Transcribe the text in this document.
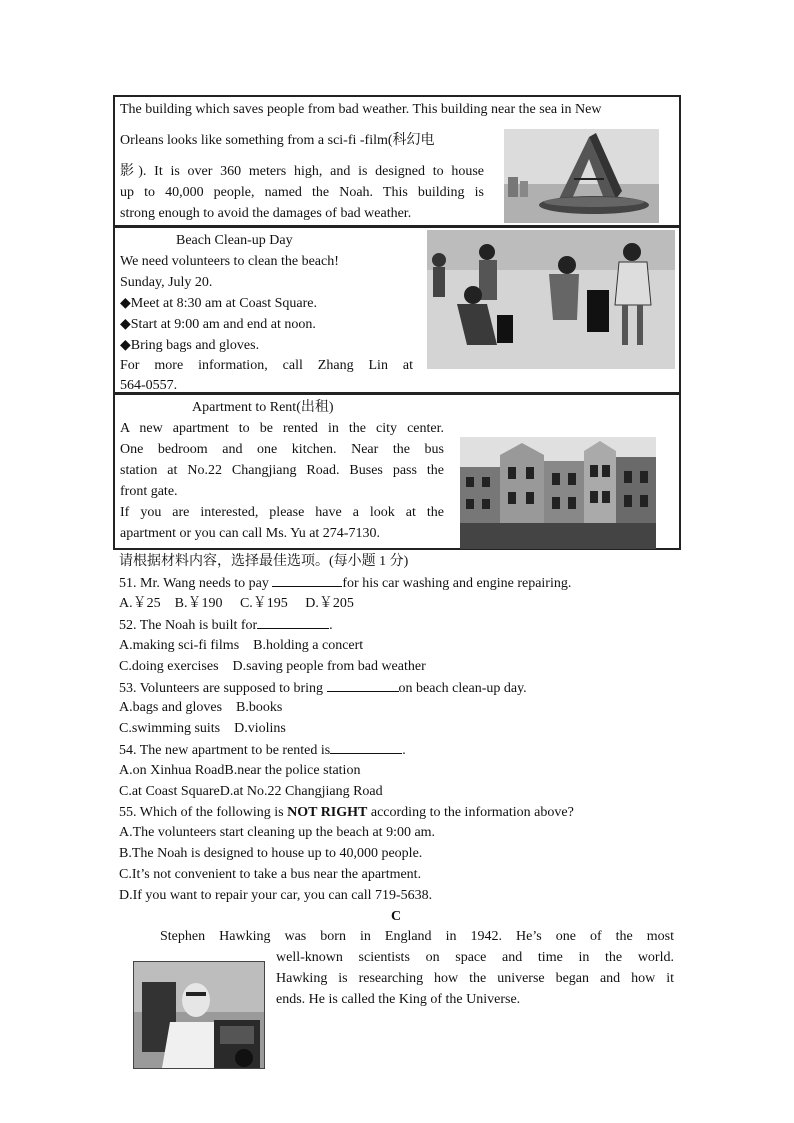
The building which saves people from bad weather. This building near the sea in New

Orleans looks like something from a sci-fi -film(科幻电

影). It is over 360 meters high, and is designed to house

up to 40,000 people, named the Noah. This building is

strong enough to avoid the damages of bad weather.

Beach Clean-up Day

We need volunteers to clean the beach!

Sunday, July 20.

◆Meet at 8:30 am at Coast Square.

◆Start at 9:00 am and end at noon.

◆Bring bags and gloves.

For more information, call Zhang Lin at

564-0557.

Apartment to Rent(出租)

A new apartment to be rented in the city center.

One bedroom and one kitchen. Near the bus

station at No.22 Changjiang Road. Buses pass the

front gate.

If you are interested, please have a look at the

apartment or you can call Ms. Yu at 274-7130.

请根据材料内容，选择最佳选项。(每小题 1 分)

51. Mr. Wang needs to pay	for his car washing and engine repairing.

A.￥25    B.￥190     C.￥195     D.￥205

52. The Noah is built for	.

A.making sci-fi films    B.holding a concert

C.doing exercises    D.saving people from bad weather

53. Volunteers are supposed to bring	on beach clean-up day.

A.bags and gloves    B.books

C.swimming suits    D.violins

54. The new apartment to be rented is	.

A.on Xinhua RoadB.near the police station

C.at Coast SquareD.at No.22 Changjiang Road

55. Which of the following is NOT RIGHT according to the information above?

A.The volunteers start cleaning up the beach at 9:00 am.

B.The Noah is designed to house up to 40,000 people.

C.It’s not convenient to take a bus near the apartment.

D.If you want to repair your car, you can call 719-5638.

C

Stephen Hawking was born in England in 1942. He’s one of the most

well-known scientists on space and time in the world.

Hawking is researching how the universe began and how it

ends. He is called the King of the Universe.
